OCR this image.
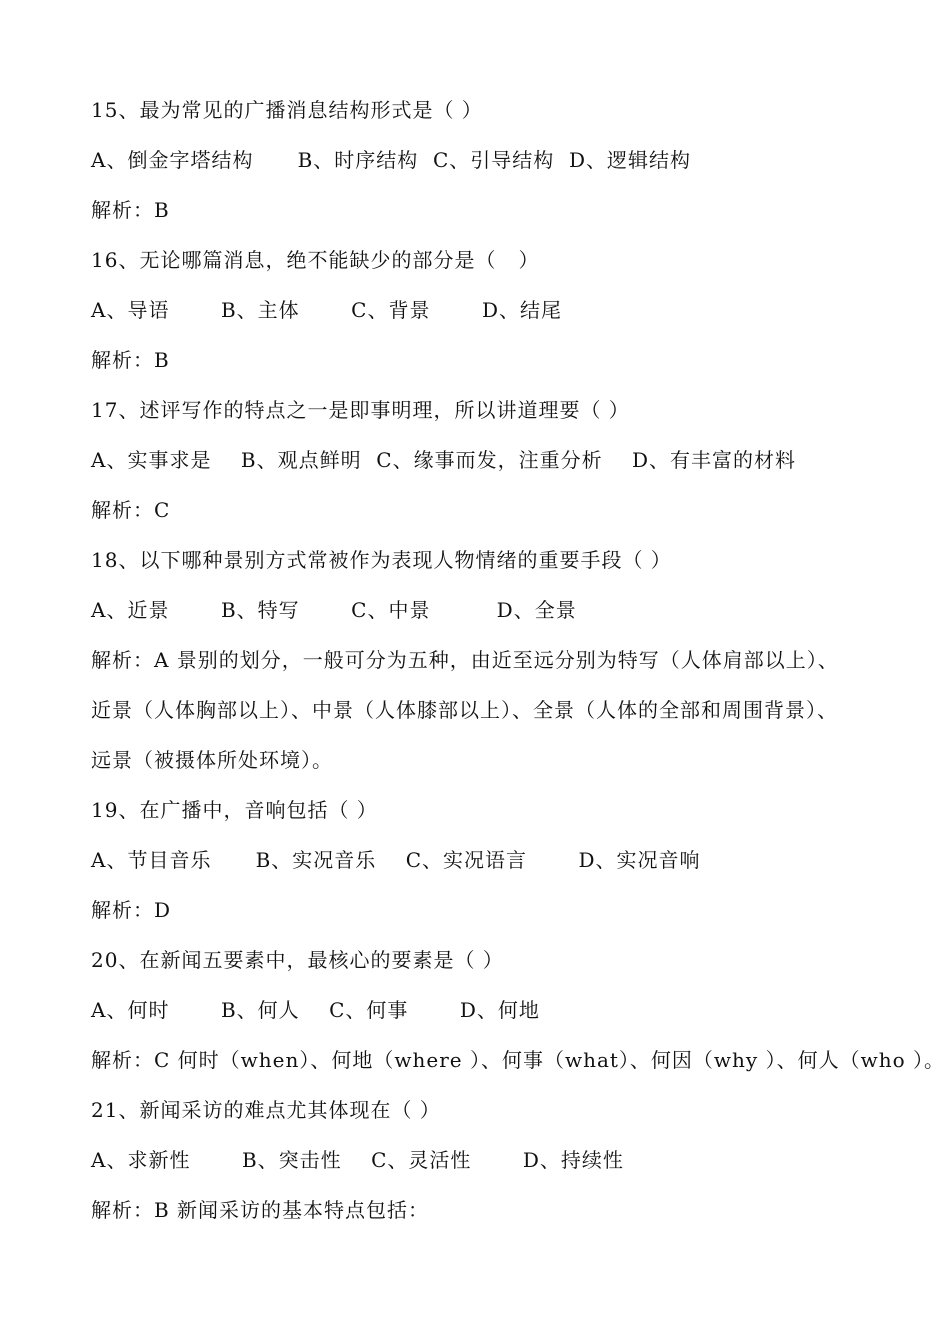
15、最为常见的广播消息结构形式是（ ）
A、倒金字塔结构      B、时序结构  C、引导结构  D、逻辑结构
解析：B
16、无论哪篇消息，绝不能缺少的部分是（   ）
A、导语       B、主体       C、背景       D、结尾
解析：B
17、述评写作的特点之一是即事明理，所以讲道理要（ ）
A、实事求是    B、观点鲜明  C、缘事而发，注重分析    D、有丰富的材料
解析：C
18、以下哪种景别方式常被作为表现人物情绪的重要手段（ ）
A、近景       B、特写       C、中景         D、全景
解析：A 景别的划分，一般可分为五种，由近至远分别为特写（人体肩部以上）、
近景（人体胸部以上）、中景（人体膝部以上）、全景（人体的全部和周围背景）、
远景（被摄体所处环境）。
19、在广播中，音响包括（ ）
A、节目音乐      B、实况音乐    C、实况语言       D、实况音响
解析：D
20、在新闻五要素中，最核心的要素是（ ）
A、何时       B、何人    C、何事       D、何地
解析：C 何时（when）、何地（where ）、何事（what）、何因（why ）、何人（who ）。
21、新闻采访的难点尤其体现在（ ）
A、求新性       B、突击性    C、灵活性       D、持续性
解析：B 新闻采访的基本特点包括：
